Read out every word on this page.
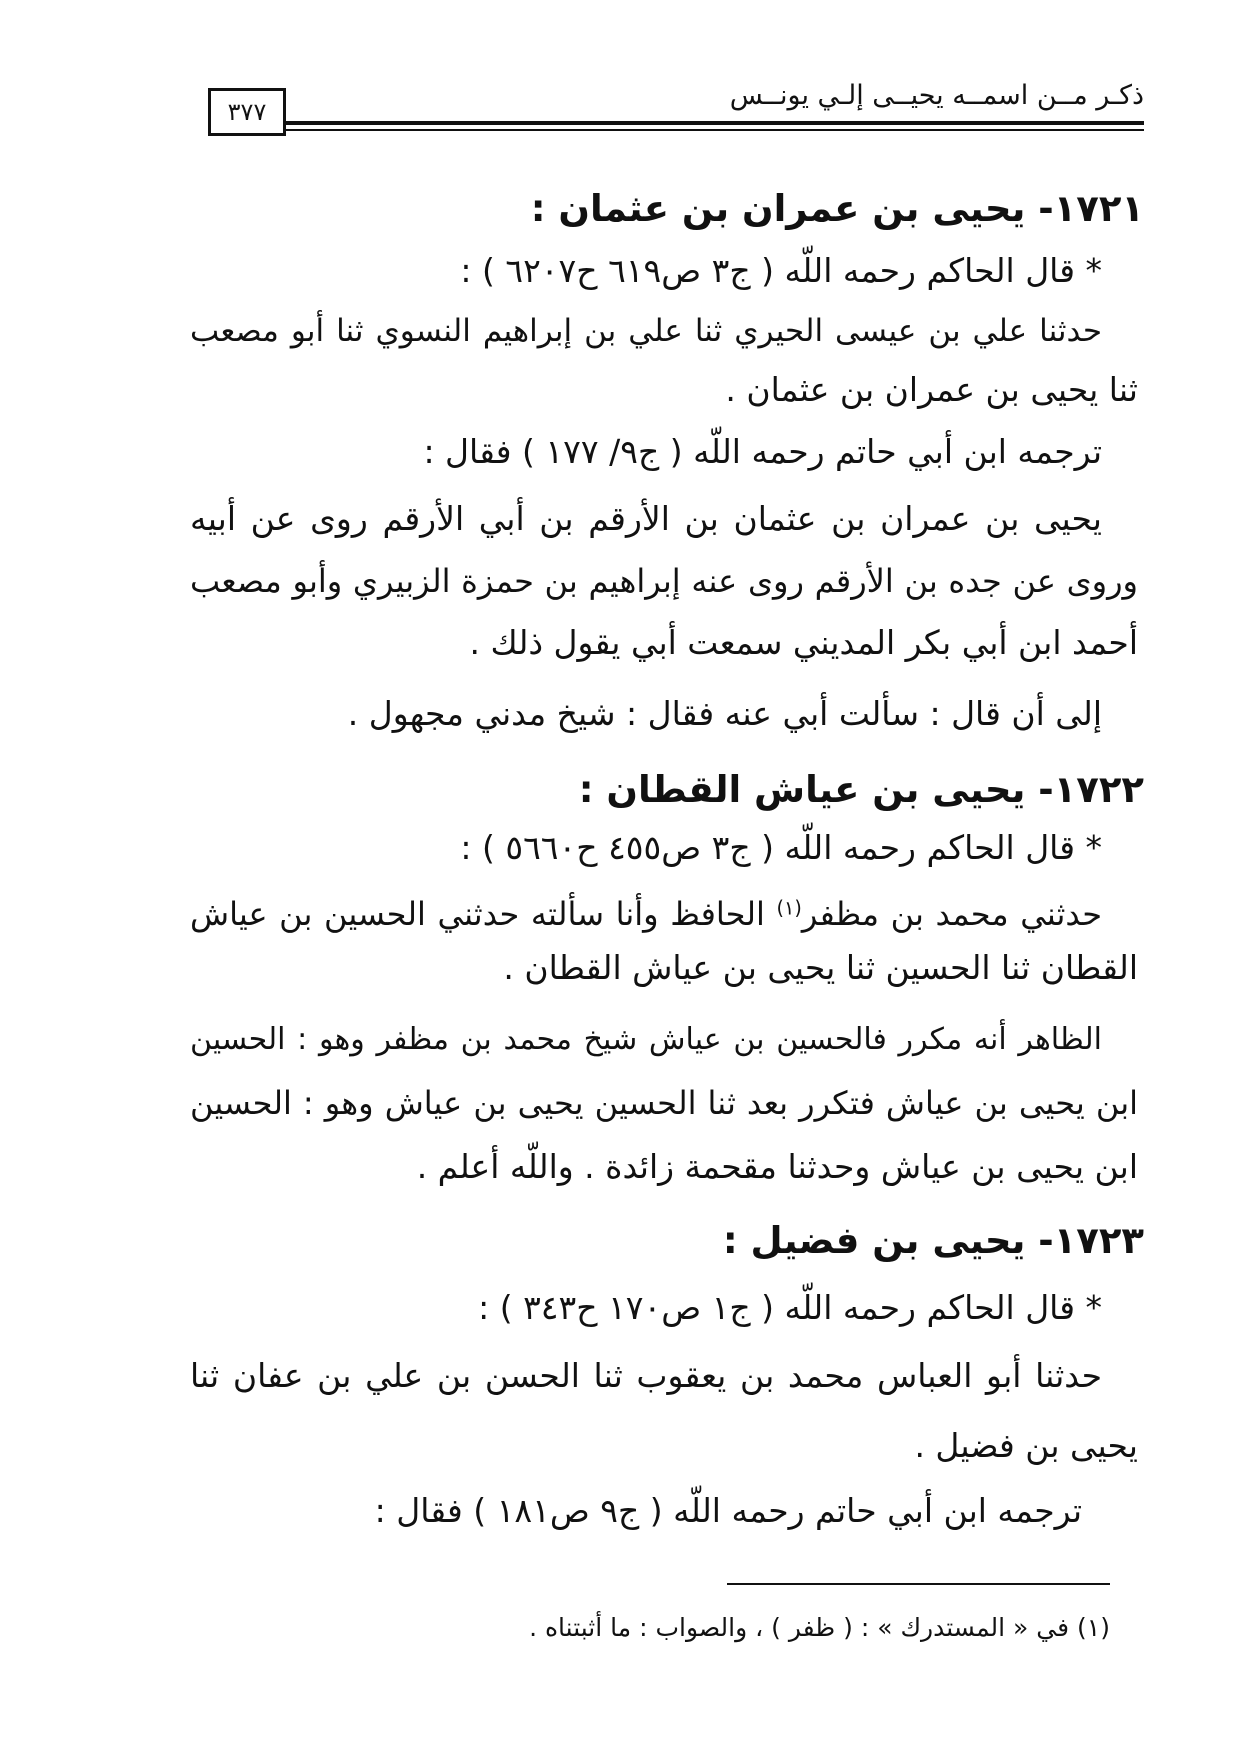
ذكـر مــن اسمــه يحيــى إلـي يونــس
٣٧٧
١٧٢١- يحيى بن عمران بن عثمان :
* قال الحاكم رحمه اللَّه ( ج٣ ص٦١٩ ح٦٢٠٧ ) :
حدثنا علي بن عيسى الحيري ثنا علي بن إبراهيم النسوي ثنا أبو مصعب
ثنا يحيى بن عمران بن عثمان .
ترجمه ابن أبي حاتم رحمه اللَّه ( ج٩/ ١٧٧ ) فقال :
يحيى بن عمران بن عثمان بن الأرقم بن أبي الأرقم روى عن أبيه
وروى عن جده بن الأرقم روى عنه إبراهيم بن حمزة الزبيري وأبو مصعب
أحمد ابن أبي بكر المديني سمعت أبي يقول ذلك .
إلى أن قال : سألت أبي عنه فقال : شيخ مدني مجهول .
١٧٢٢- يحيى بن عياش القطان :
* قال الحاكم رحمه اللَّه ( ج٣ ص٤٥٥ ح٥٦٦٠ ) :
حدثني محمد بن مظفر$^{(١)}$ الحافظ وأنا سألته حدثني الحسين بن عياش
القطان ثنا الحسين ثنا يحيى بن عياش القطان .
الظاهر أنه مكرر فالحسين بن عياش شيخ محمد بن مظفر وهو : الحسين
ابن يحيى بن عياش فتكرر بعد ثنا الحسين يحيى بن عياش وهو : الحسين
ابن يحيى بن عياش وحدثنا مقحمة زائدة . واللَّه أعلم .
١٧٢٣- يحيى بن فضيل :
* قال الحاكم رحمه اللَّه ( ج١ ص١٧٠ ح٣٤٣ ) :
حدثنا أبو العباس محمد بن يعقوب ثنا الحسن بن علي بن عفان ثنا
يحيى بن فضيل .
ترجمه ابن أبي حاتم رحمه اللَّه ( ج٩ ص١٨١ ) فقال :
(١) في « المستدرك » : ( ظفر ) ، والصواب : ما أثبتناه .
